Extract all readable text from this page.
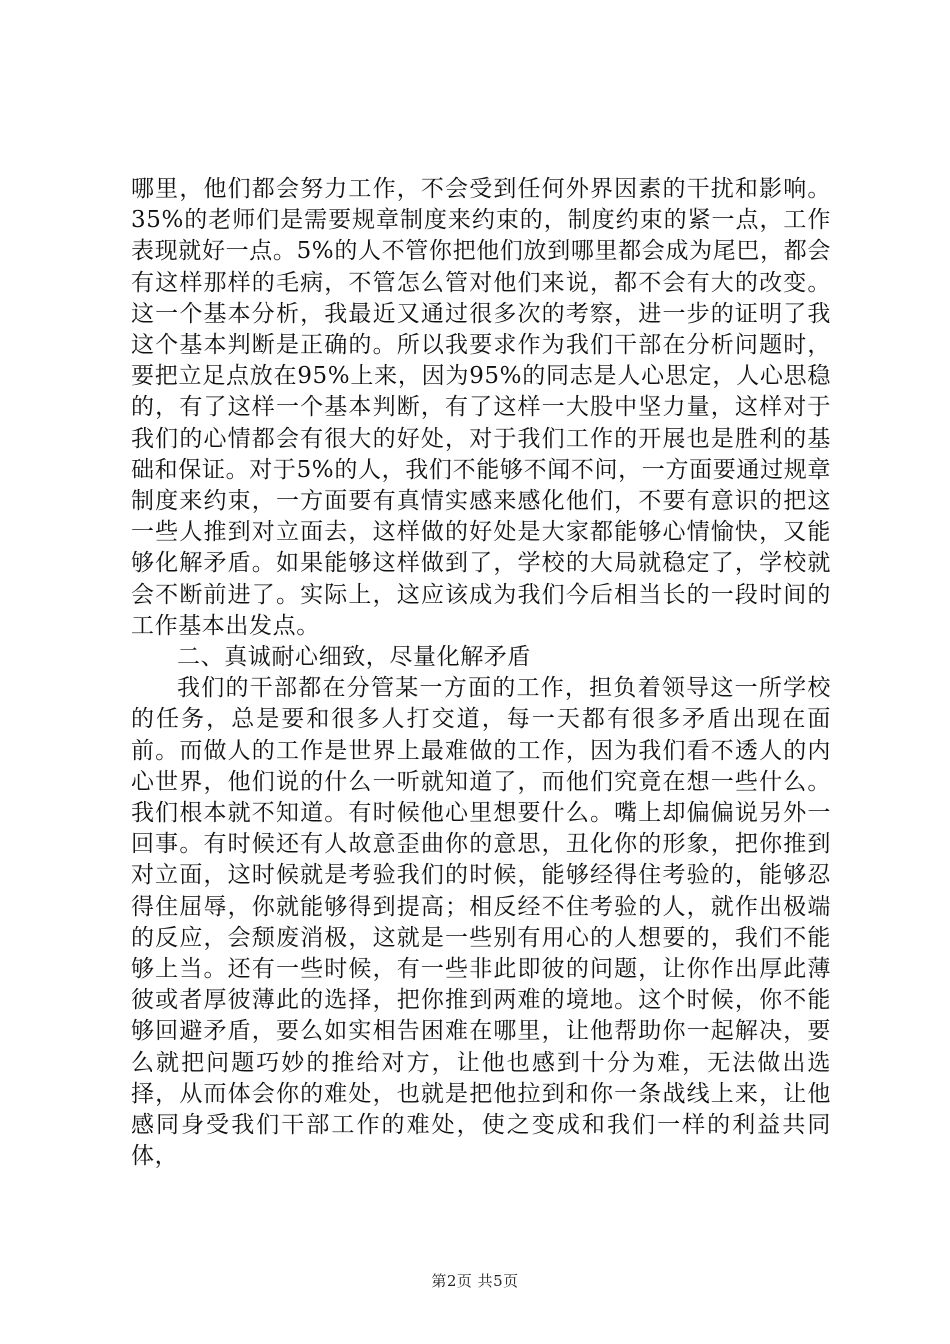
哪里，他们都会努力工作，不会受到任何外界因素的干扰和影响。35%的老师们是需要规章制度来约束的，制度约束的紧一点，工作表现就好一点。5%的人不管你把他们放到哪里都会成为尾巴，都会有这样那样的毛病，不管怎么管对他们来说，都不会有大的改变。这一个基本分析，我最近又通过很多次的考察，进一步的证明了我这个基本判断是正确的。所以我要求作为我们干部在分析问题时，要把立足点放在95%上来，因为95%的同志是人心思定，人心思稳的，有了这样一个基本判断，有了这样一大股中坚力量，这样对于我们的心情都会有很大的好处，对于我们工作的开展也是胜利的基础和保证。对于5%的人，我们不能够不闻不问，一方面要通过规章制度来约束，一方面要有真情实感来感化他们，不要有意识的把这一些人推到对立面去，这样做的好处是大家都能够心情愉快，又能够化解矛盾。如果能够这样做到了，学校的大局就稳定了，学校就会不断前进了。实际上，这应该成为我们今后相当长的一段时间的工作基本出发点。

二、真诚耐心细致，尽量化解矛盾

我们的干部都在分管某一方面的工作，担负着领导这一所学校的任务，总是要和很多人打交道，每一天都有很多矛盾出现在面前。而做人的工作是世界上最难做的工作，因为我们看不透人的内心世界，他们说的什么一听就知道了，而他们究竟在想一些什么。我们根本就不知道。有时候他心里想要什么。嘴上却偏偏说另外一回事。有时候还有人故意歪曲你的意思，丑化你的形象，把你推到对立面，这时候就是考验我们的时候，能够经得住考验的，能够忍得住屈辱，你就能够得到提高；相反经不住考验的人，就作出极端的反应，会颓废消极，这就是一些别有用心的人想要的，我们不能够上当。还有一些时候，有一些非此即彼的问题，让你作出厚此薄彼或者厚彼薄此的选择，把你推到两难的境地。这个时候，你不能够回避矛盾，要么如实相告困难在哪里，让他帮助你一起解决，要么就把问题巧妙的推给对方，让他也感到十分为难，无法做出选择，从而体会你的难处，也就是把他拉到和你一条战线上来，让他感同身受我们干部工作的难处，使之变成和我们一样的利益共同体，

第2页 共5页
